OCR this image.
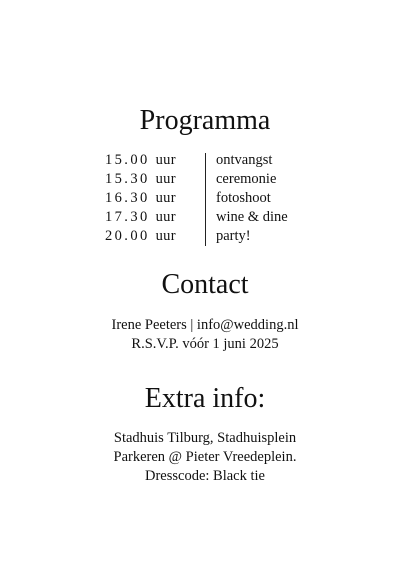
Programma
15.00 uur
15.30 uur
16.30 uur
17.30 uur
20.00 uur
ontvangst
ceremonie
fotoshoot
wine & dine
party!
Contact
Irene Peeters | info@wedding.nl
R.S.V.P. vóór 1 juni 2025
Extra info:
Stadhuis Tilburg, Stadhuisplein
Parkeren @ Pieter Vreedeplein.
Dresscode: Black tie
